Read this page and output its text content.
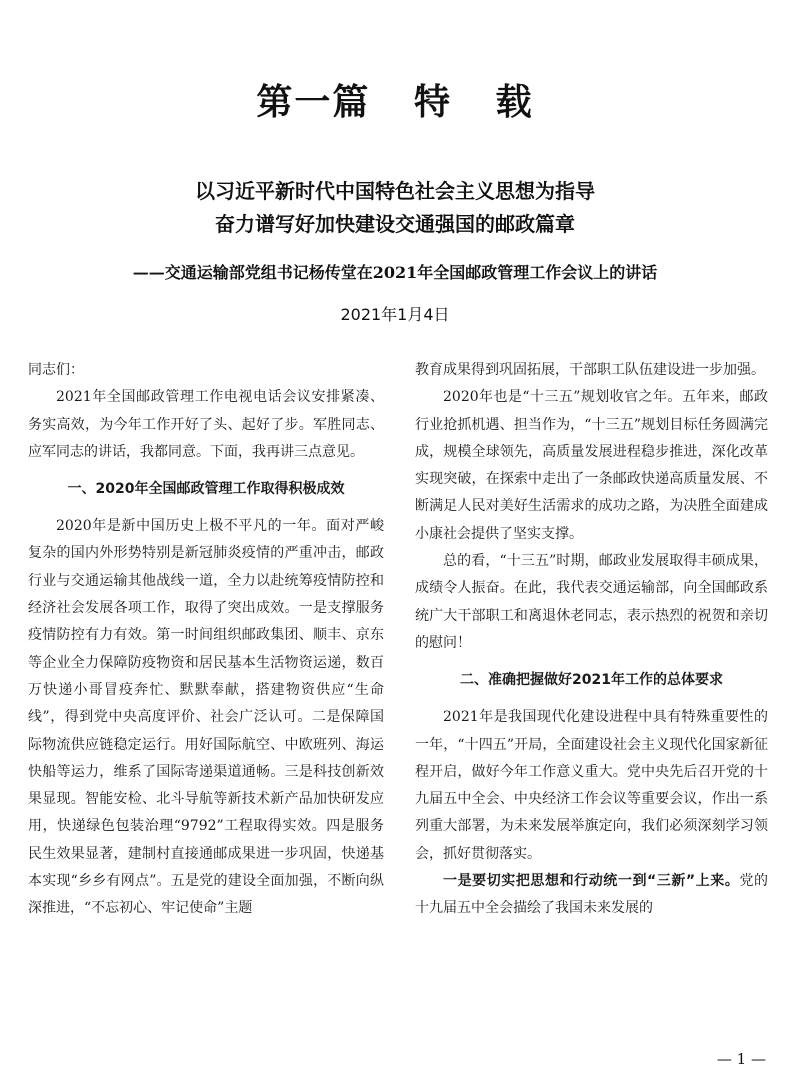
第一篇   特   载
以习近平新时代中国特色社会主义思想为指导
奋力谱写好加快建设交通强国的邮政篇章
——交通运输部党组书记杨传堂在2021年全国邮政管理工作会议上的讲话
2021年1月4日

同志们：

2021年全国邮政管理工作电视电话会议安排紧凑、务实高效，为今年工作开好了头、起好了步。军胜同志、应军同志的讲话，我都同意。下面，我再讲三点意见。

一、2020年全国邮政管理工作取得积极成效

2020年是新中国历史上极不平凡的一年。面对严峻复杂的国内外形势特别是新冠肺炎疫情的严重冲击，邮政行业与交通运输其他战线一道，全力以赴统筹疫情防控和经济社会发展各项工作，取得了突出成效。一是支撑服务疫情防控有力有效。第一时间组织邮政集团、顺丰、京东等企业全力保障防疫物资和居民基本生活物资运递，数百万快递小哥冒疫奔忙、默默奉献，搭建物资供应“生命线”，得到党中央高度评价、社会广泛认可。二是保障国际物流供应链稳定运行。用好国际航空、中欧班列、海运快船等运力，维系了国际寄递渠道通畅。三是科技创新效果显现。智能安检、北斗导航等新技术新产品加快研发应用，快递绿色包装治理“9792”工程取得实效。四是服务民生效果显著，建制村直接通邮成果进一步巩固，快递基本实现“乡乡有网点”。五是党的建设全面加强，不断向纵深推进，“不忘初心、牢记使命”主题

教育成果得到巩固拓展，干部职工队伍建设进一步加强。

2020年也是“十三五”规划收官之年。五年来，邮政行业抢抓机遇、担当作为，“十三五”规划目标任务圆满完成，规模全球领先，高质量发展进程稳步推进，深化改革实现突破，在探索中走出了一条邮政快递高质量发展、不断满足人民对美好生活需求的成功之路，为决胜全面建成小康社会提供了坚实支撑。

总的看，“十三五”时期，邮政业发展取得丰硕成果，成绩令人振奋。在此，我代表交通运输部，向全国邮政系统广大干部职工和离退休老同志，表示热烈的祝贺和亲切的慰问！

二、准确把握做好2021年工作的总体要求

2021年是我国现代化建设进程中具有特殊重要性的一年，“十四五”开局，全面建设社会主义现代化国家新征程开启，做好今年工作意义重大。党中央先后召开党的十九届五中全会、中央经济工作会议等重要会议，作出一系列重大部署，为未来发展举旗定向，我们必须深刻学习领会，抓好贯彻落实。

一是要切实把思想和行动统一到“三新”上来。党的十九届五中全会描绘了我国未来发展的

— 1 —
